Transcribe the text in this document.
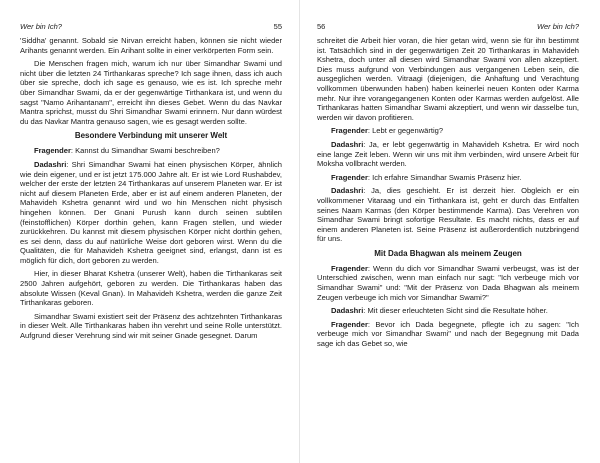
Wer bin Ich?	55

'Siddha' genannt. Sobald sie Nirvan erreicht haben, können sie nicht wieder Arihants genannt werden. Ein Arihant sollte in einer verkörperten Form sein.

Die Menschen fragen mich, warum ich nur über Simandhar Swami und nicht über die letzten 24 Tirthankaras spreche? Ich sage ihnen, dass ich auch über sie spreche, doch ich sage es genauso, wie es ist. Ich spreche mehr über Simandhar Swami, da er der gegenwärtige Tirthankara ist, und wenn du sagst "Namo Arihantanam", erreicht ihn dieses Gebet. Wenn du das Navkar Mantra sprichst, musst du Shri Simandhar Swami erinnern. Nur dann würdest du das Navkar Mantra genauso sagen, wie es gesagt werden sollte.

Besondere Verbindung mit unserer Welt

Fragender: Kannst du Simandhar Swami beschreiben?

Dadashri: Shri Simandhar Swami hat einen physischen Körper, ähnlich wie dein eigener, und er ist jetzt 175.000 Jahre alt. Er ist wie Lord Rushabdev, welcher der erste der letzten 24 Tirthankaras auf unserem Planeten war. Er ist nicht auf diesem Planeten Erde, aber er ist auf einem anderen Planeten, der Mahavideh Kshetra genannt wird und wo hin Menschen nicht physisch hingehen können. Der Gnani Purush kann durch seinen subtilen (feinstofflichen) Körper dorthin gehen, kann Fragen stellen, und wieder zurückkehren. Du kannst mit diesem physischen Körper nicht dorthin gehen, es sei denn, dass du auf natürliche Weise dort geboren wirst. Wenn du die Qualitäten, die für Mahavideh Kshetra geeignet sind, erlangst, dann ist es möglich für dich, dort geboren zu werden.

Hier, in dieser Bharat Kshetra (unserer Welt), haben die Tirthankaras seit 2500 Jahren aufgehört, geboren zu werden. Die Tirthankaras haben das absolute Wissen (Keval Gnan). In Mahavideh Kshetra, werden die ganze Zeit Tirthankaras geboren.

Simandhar Swami existiert seit der Präsenz des achtzehnten Tirthankaras in dieser Welt. Alle Tirthankaras haben ihn verehrt und seine Rolle unterstützt. Aufgrund dieser Verehrung sind wir mit seiner Gnade gesegnet. Darum

56	Wer bin Ich?

schreitet die Arbeit hier voran, die hier getan wird, wenn sie für ihn bestimmt ist. Tatsächlich sind in der gegenwärtigen Zeit 20 Tirthankaras in Mahavideh Kshetra, doch unter all diesen wird Simandhar Swami von allen akzeptiert. Dies muss aufgrund von Verbindungen aus vergangenen Leben sein, die ausgeglichen werden. Vitraagi (diejenigen, die Anhaftung und Verachtung vollkommen überwunden haben) haben keinerlei neuen Konten oder Karma mehr. Nur ihre vorangegangenen Konten oder Karmas werden aufgelöst. Alle Tirthankaras hatten Simandhar Swami akzeptiert, und wenn wir dasselbe tun, werden wir davon profitieren.

Fragender: Lebt er gegenwärtig?

Dadashri: Ja, er lebt gegenwärtig in Mahavideh Kshetra. Er wird noch eine lange Zeit leben. Wenn wir uns mit ihm verbinden, wird unsere Arbeit für Moksha vollbracht werden.

Fragender: Ich erfahre Simandhar Swamis Präsenz hier.

Dadashri: Ja, dies geschieht. Er ist derzeit hier. Obgleich er ein vollkommener Vitaraag und ein Tirthankara ist, geht er durch das Entfalten seines Naam Karmas (den Körper bestimmende Karma). Das Verehren von Simandhar Swami bringt sofortige Resultate. Es macht nichts, dass er auf einem anderen Planeten ist. Seine Präsenz ist außerordentlich nutzbringend für uns.

Mit Dada Bhagwan als meinem Zeugen

Fragender: Wenn du dich vor Simandhar Swami verbeugst, was ist der Unterschied zwischen, wenn man einfach nur sagt: "Ich verbeuge mich vor Simandhar Swami" und: "Mit der Präsenz von Dada Bhagwan als meinem Zeugen verbeuge ich mich vor Simandhar Swami?"

Dadashri: Mit dieser erleuchteten Sicht sind die Resultate höher.

Fragender: Bevor ich Dada begegnete, pflegte ich zu sagen: "Ich verbeuge mich vor Simandhar Swami" und nach der Begegnung mit Dada sage ich das Gebet so, wie
